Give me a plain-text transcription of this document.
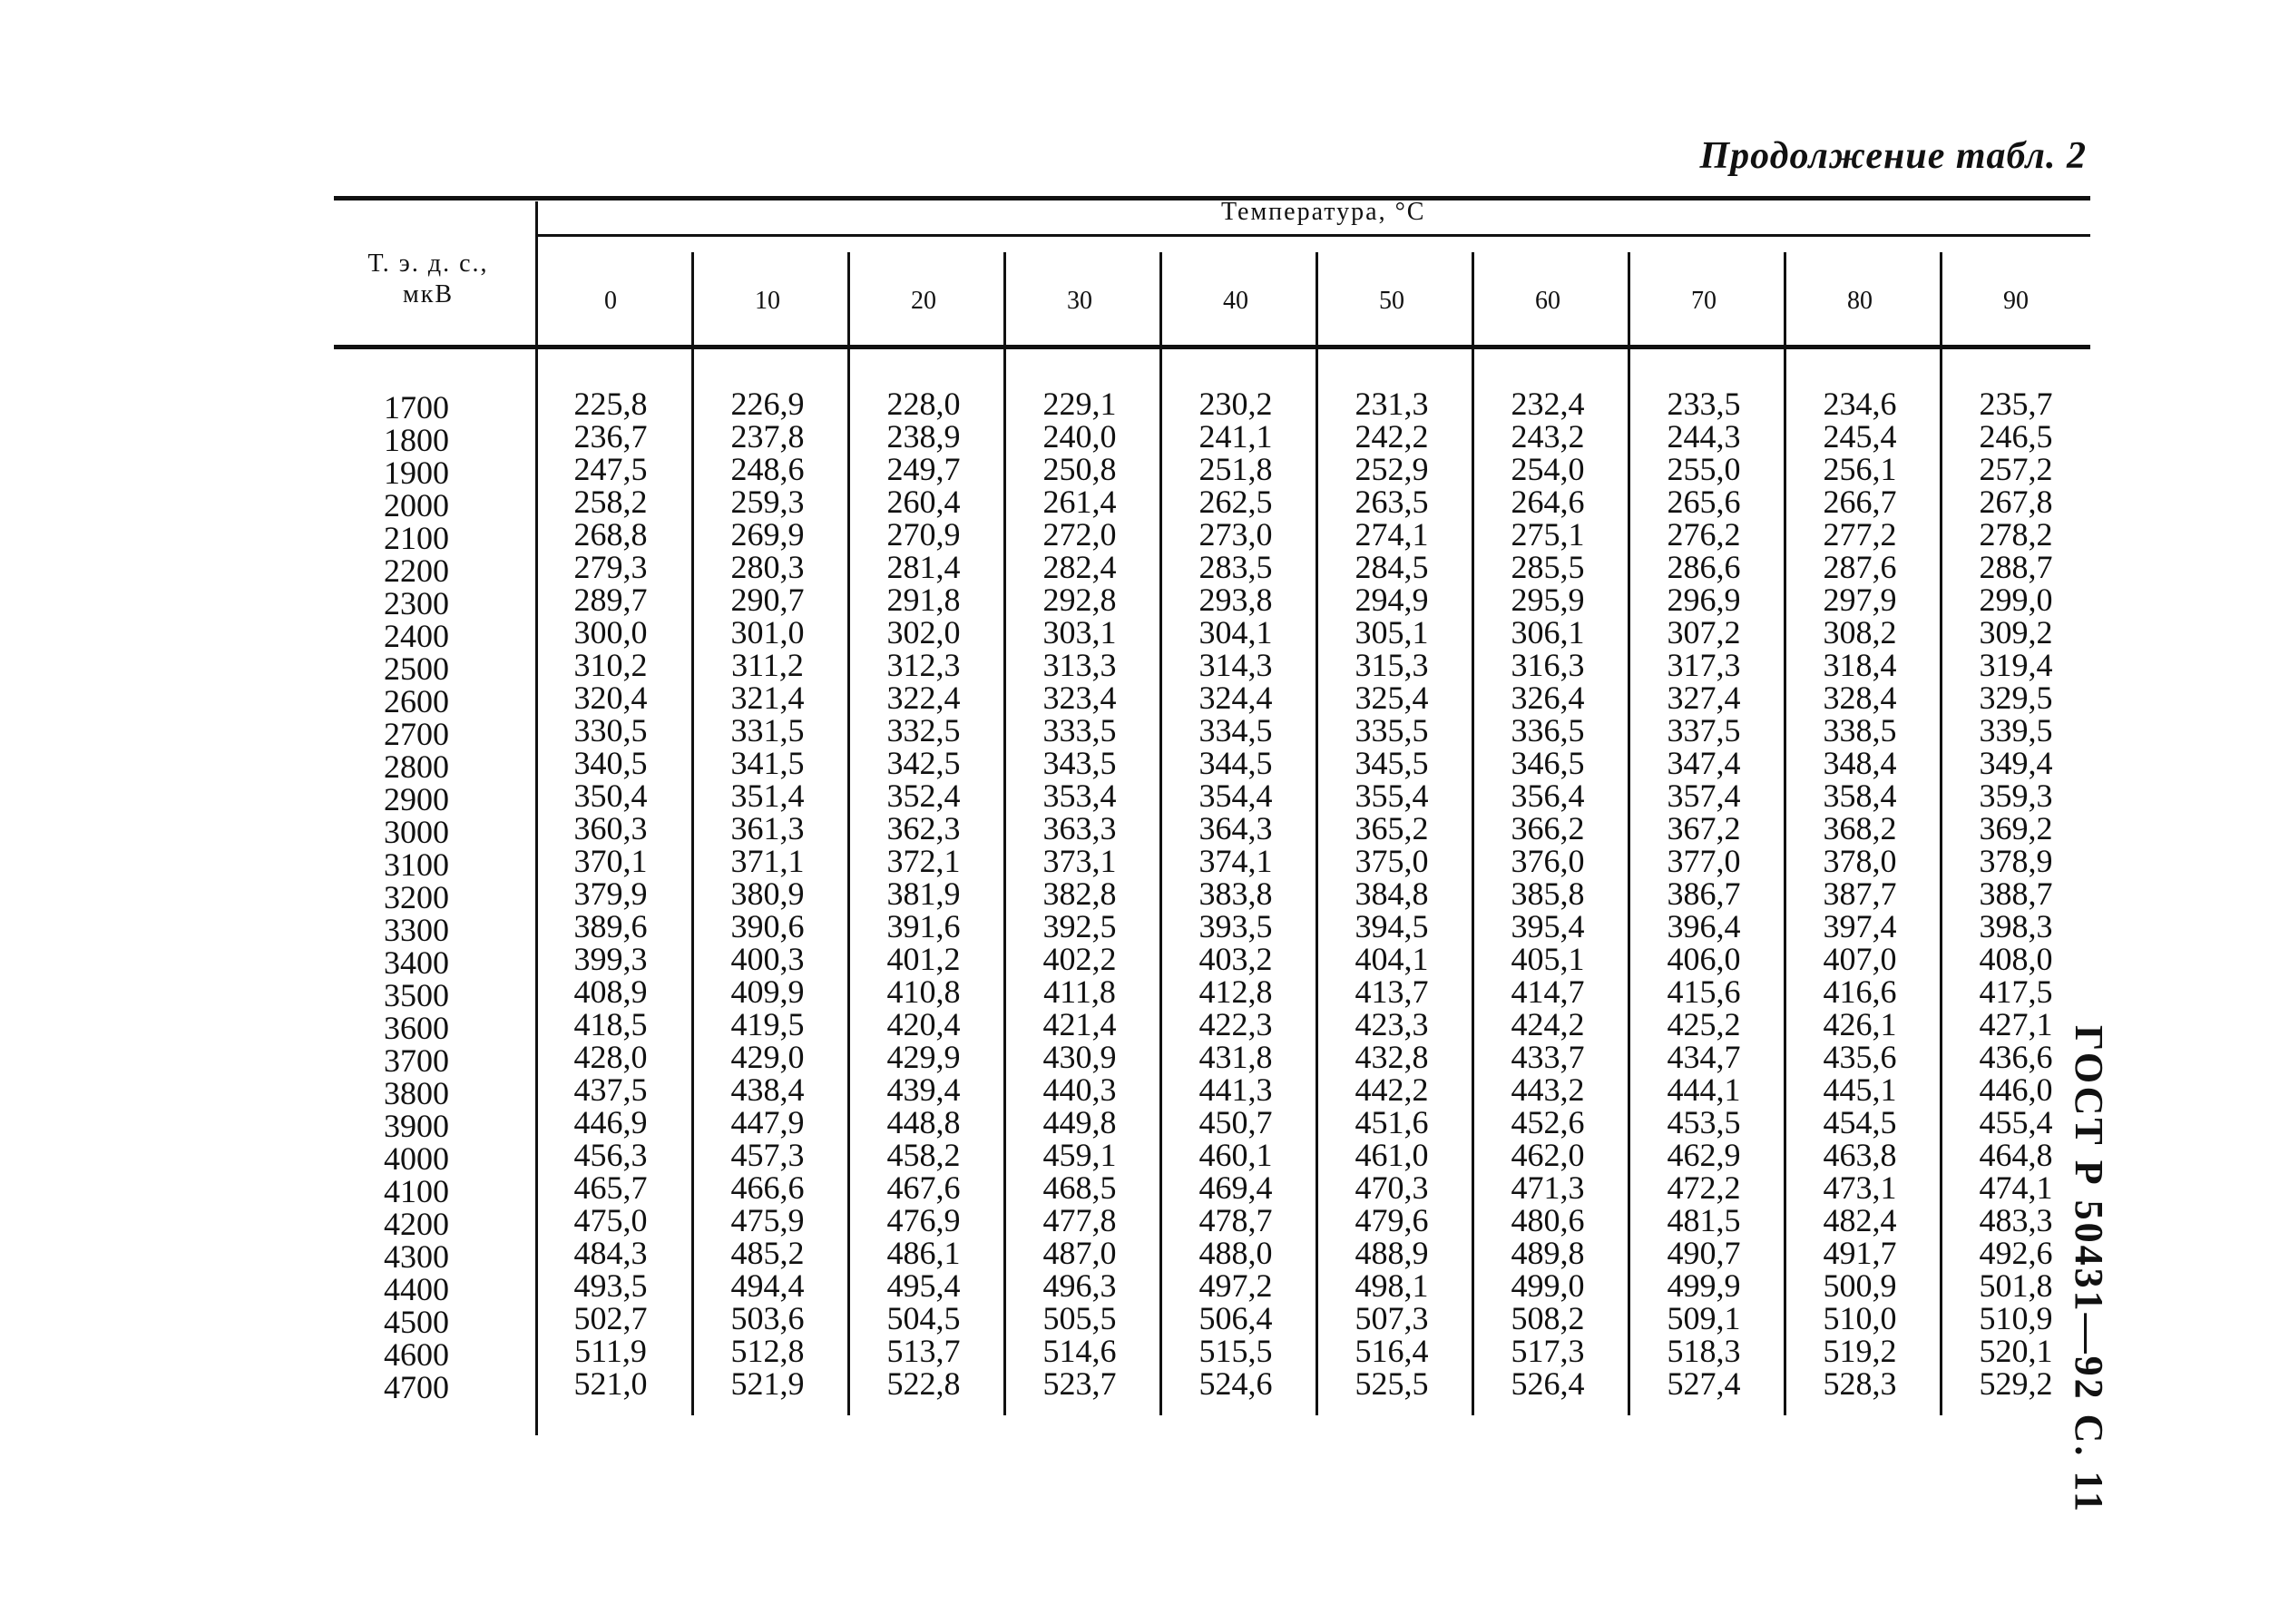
Продолжение табл. 2
ГОСТ Р 50431—92 С. 11
Температура, °С
Т. э. д. с.,
мкВ	0	10	20	30	40	50	60	70	80	90
1700	225,8	226,9	228,0	229,1	230,2	231,3	232,4	233,5	234,6	235,7
1800	236,7	237,8	238,9	240,0	241,1	242,2	243,2	244,3	245,4	246,5
1900	247,5	248,6	249,7	250,8	251,8	252,9	254,0	255,0	256,1	257,2
2000	258,2	259,3	260,4	261,4	262,5	263,5	264,6	265,6	266,7	267,8
2100	268,8	269,9	270,9	272,0	273,0	274,1	275,1	276,2	277,2	278,2
2200	279,3	280,3	281,4	282,4	283,5	284,5	285,5	286,6	287,6	288,7
2300	289,7	290,7	291,8	292,8	293,8	294,9	295,9	296,9	297,9	299,0
2400	300,0	301,0	302,0	303,1	304,1	305,1	306,1	307,2	308,2	309,2
2500	310,2	311,2	312,3	313,3	314,3	315,3	316,3	317,3	318,4	319,4
2600	320,4	321,4	322,4	323,4	324,4	325,4	326,4	327,4	328,4	329,5
2700	330,5	331,5	332,5	333,5	334,5	335,5	336,5	337,5	338,5	339,5
2800	340,5	341,5	342,5	343,5	344,5	345,5	346,5	347,4	348,4	349,4
2900	350,4	351,4	352,4	353,4	354,4	355,4	356,4	357,4	358,4	359,3
3000	360,3	361,3	362,3	363,3	364,3	365,2	366,2	367,2	368,2	369,2
3100	370,1	371,1	372,1	373,1	374,1	375,0	376,0	377,0	378,0	378,9
3200	379,9	380,9	381,9	382,8	383,8	384,8	385,8	386,7	387,7	388,7
3300	389,6	390,6	391,6	392,5	393,5	394,5	395,4	396,4	397,4	398,3
3400	399,3	400,3	401,2	402,2	403,2	404,1	405,1	406,0	407,0	408,0
3500	408,9	409,9	410,8	411,8	412,8	413,7	414,7	415,6	416,6	417,5
3600	418,5	419,5	420,4	421,4	422,3	423,3	424,2	425,2	426,1	427,1
3700	428,0	429,0	429,9	430,9	431,8	432,8	433,7	434,7	435,6	436,6
3800	437,5	438,4	439,4	440,3	441,3	442,2	443,2	444,1	445,1	446,0
3900	446,9	447,9	448,8	449,8	450,7	451,6	452,6	453,5	454,5	455,4
4000	456,3	457,3	458,2	459,1	460,1	461,0	462,0	462,9	463,8	464,8
4100	465,7	466,6	467,6	468,5	469,4	470,3	471,3	472,2	473,1	474,1
4200	475,0	475,9	476,9	477,8	478,7	479,6	480,6	481,5	482,4	483,3
4300	484,3	485,2	486,1	487,0	488,0	488,9	489,8	490,7	491,7	492,6
4400	493,5	494,4	495,4	496,3	497,2	498,1	499,0	499,9	500,9	501,8
4500	502,7	503,6	504,5	505,5	506,4	507,3	508,2	509,1	510,0	510,9
4600	511,9	512,8	513,7	514,6	515,5	516,4	517,3	518,3	519,2	520,1
4700	521,0	521,9	522,8	523,7	524,6	525,5	526,4	527,4	528,3	529,2
